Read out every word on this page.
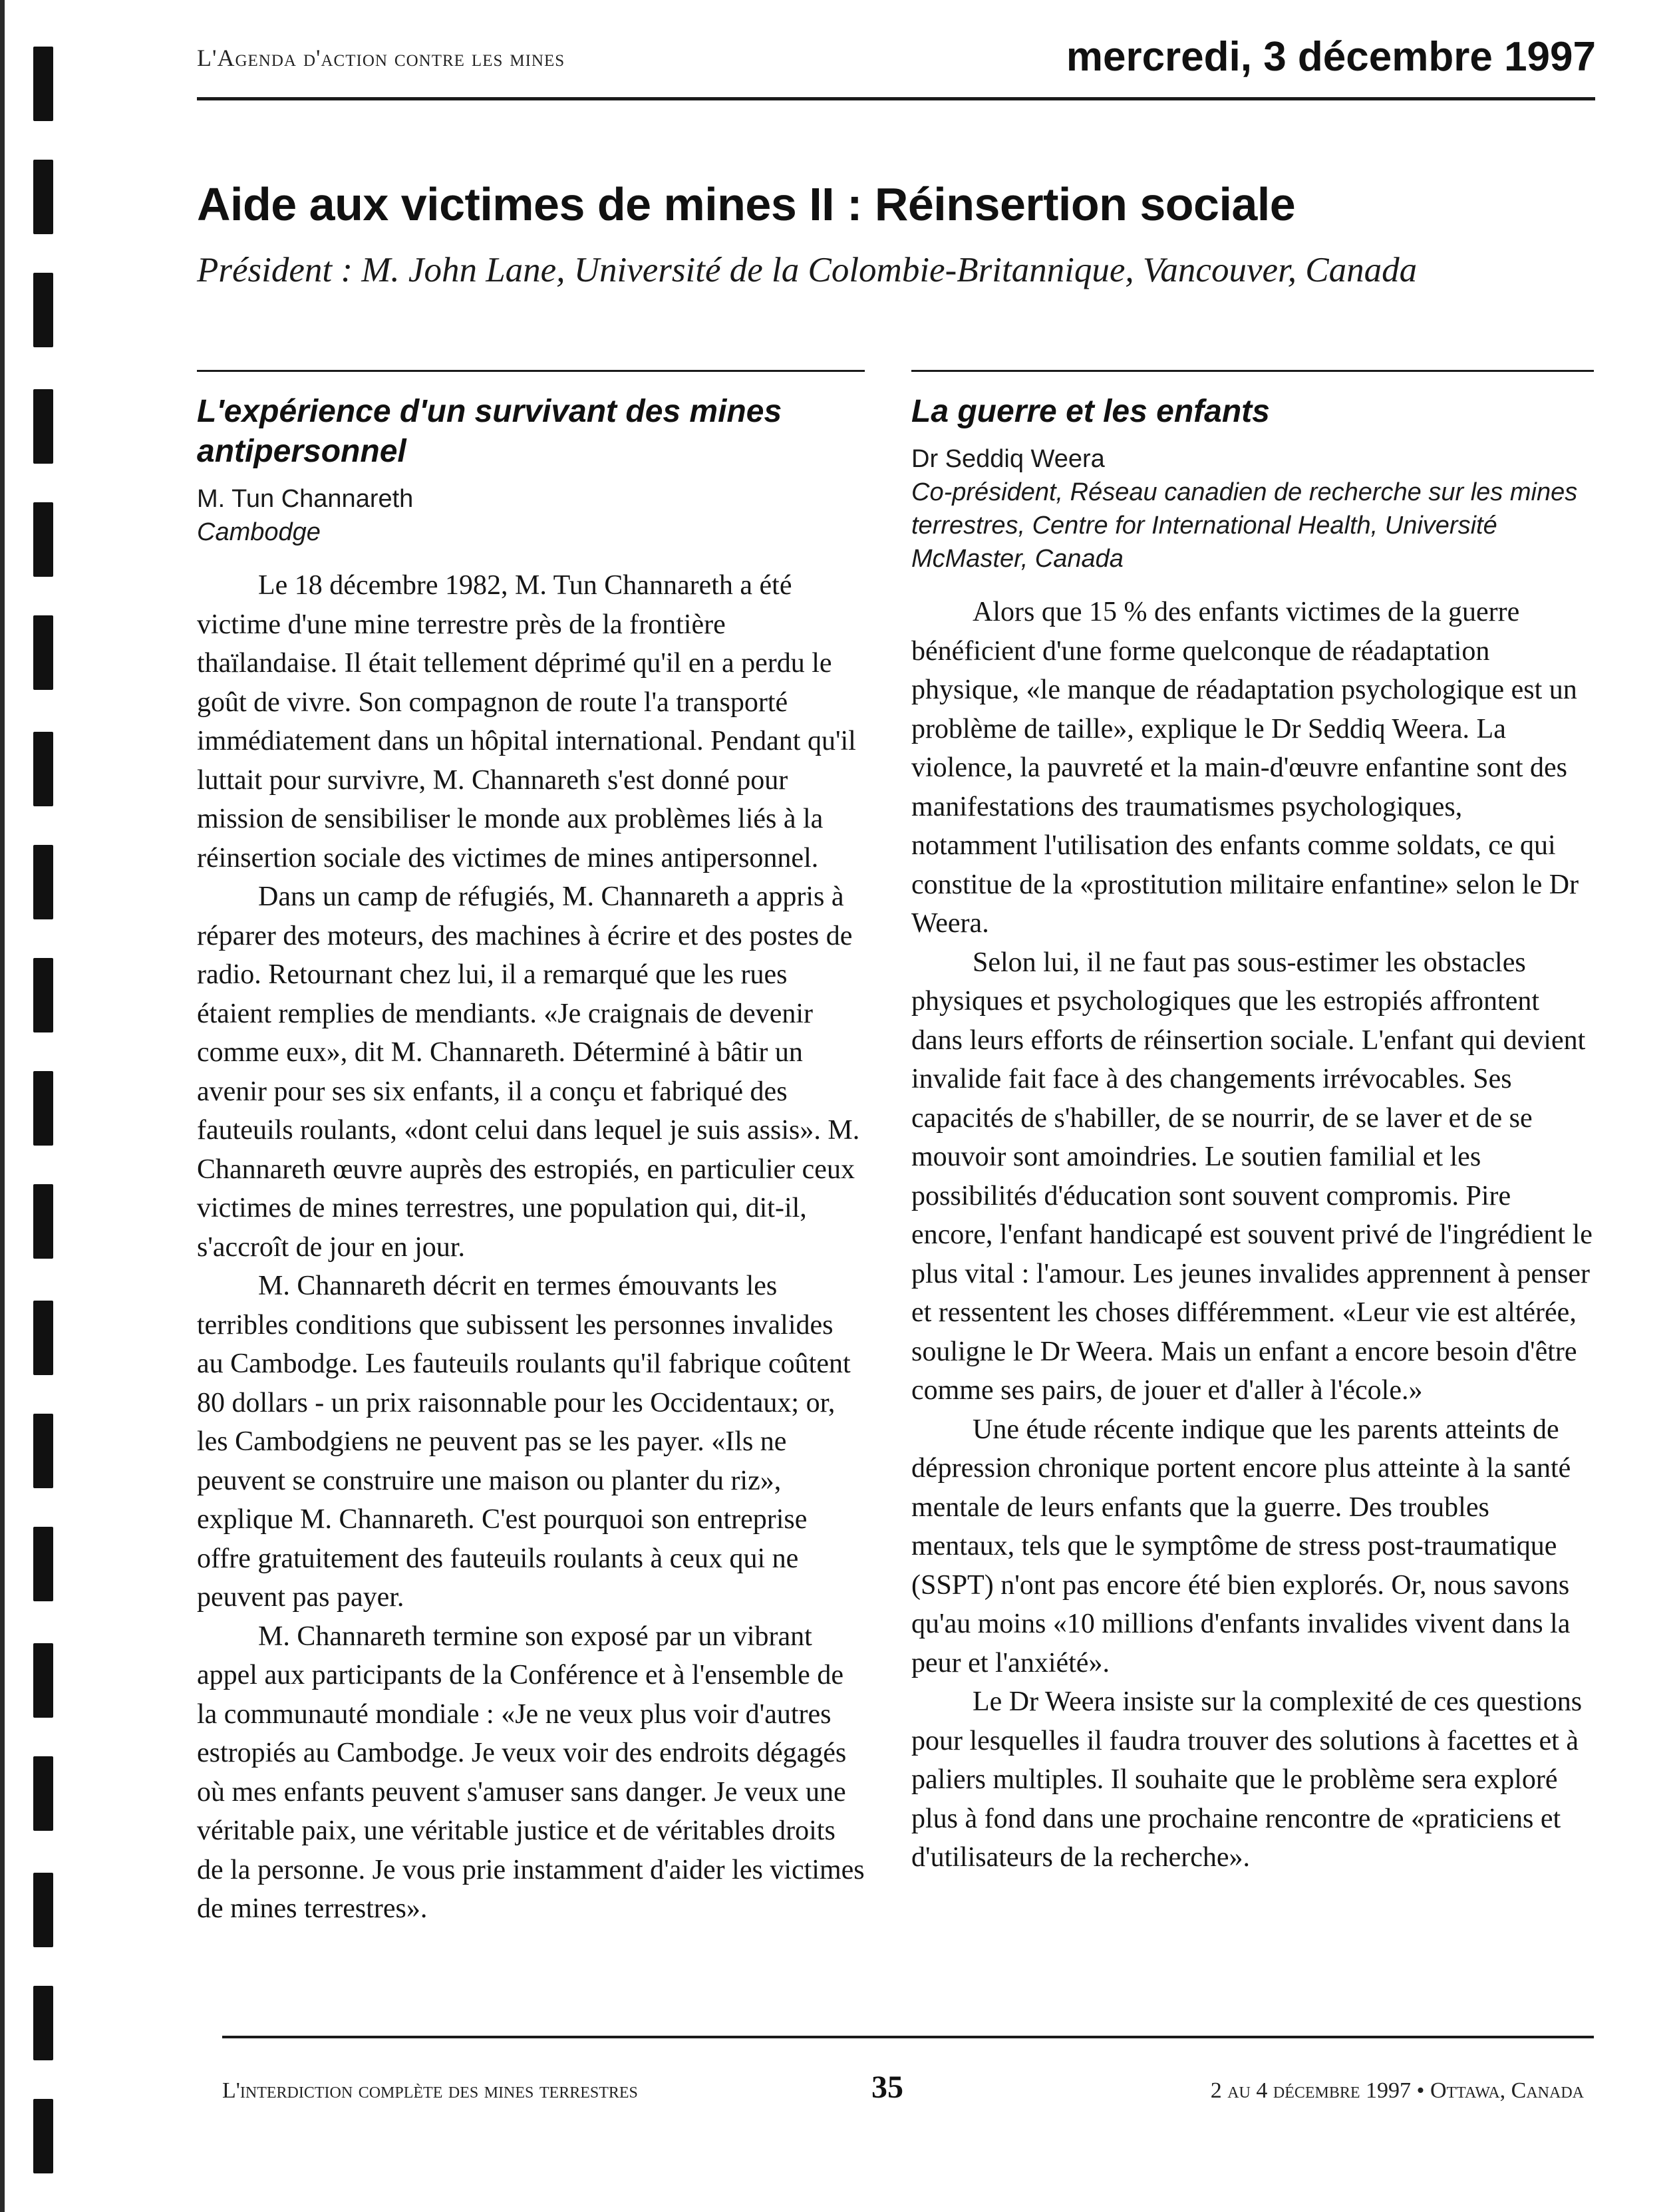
L'Agenda d'action contre les mines	mercredi, 3 décembre 1997
Aide aux victimes de mines II : Réinsertion sociale
Président : M. John Lane, Université de la Colombie-Britannique, Vancouver, Canada
L'expérience d'un survivant des mines antipersonnel
M. Tun Channareth
Cambodge

Le 18 décembre 1982, M. Tun Channareth a été victime d'une mine terrestre près de la frontière thaïlandaise. Il était tellement déprimé qu'il en a perdu le goût de vivre. Son compagnon de route l'a transporté immédiatement dans un hôpital international. Pendant qu'il luttait pour survivre, M. Channareth s'est donné pour mission de sensibiliser le monde aux problèmes liés à la réinsertion sociale des victimes de mines antipersonnel.

Dans un camp de réfugiés, M. Channareth a appris à réparer des moteurs, des machines à écrire et des postes de radio. Retournant chez lui, il a remarqué que les rues étaient remplies de mendiants. «Je craignais de devenir comme eux», dit M. Channareth. Déterminé à bâtir un avenir pour ses six enfants, il a conçu et fabriqué des fauteuils roulants, «dont celui dans lequel je suis assis». M. Channareth œuvre auprès des estropiés, en particulier ceux victimes de mines terrestres, une population qui, dit-il, s'accroît de jour en jour.

M. Channareth décrit en termes émouvants les terribles conditions que subissent les personnes invalides au Cambodge. Les fauteuils roulants qu'il fabrique coûtent 80 dollars - un prix raisonnable pour les Occidentaux; or, les Cambodgiens ne peuvent pas se les payer. «Ils ne peuvent se construire une maison ou planter du riz», explique M. Channareth. C'est pourquoi son entreprise offre gratuitement des fauteuils roulants à ceux qui ne peuvent pas payer.

M. Channareth termine son exposé par un vibrant appel aux participants de la Conférence et à l'ensemble de la communauté mondiale : «Je ne veux plus voir d'autres estropiés au Cambodge. Je veux voir des endroits dégagés où mes enfants peuvent s'amuser sans danger. Je veux une véritable paix, une véritable justice et de véritables droits de la personne. Je vous prie instamment d'aider les victimes de mines terrestres».

La guerre et les enfants
Dr Seddiq Weera
Co-président, Réseau canadien de recherche sur les mines terrestres, Centre for International Health, Université McMaster, Canada

Alors que 15 % des enfants victimes de la guerre bénéficient d'une forme quelconque de réadaptation physique, «le manque de réadaptation psychologique est un problème de taille», explique le Dr Seddiq Weera. La violence, la pauvreté et la main-d'œuvre enfantine sont des manifestations des traumatismes psychologiques, notamment l'utilisation des enfants comme soldats, ce qui constitue de la «prostitution militaire enfantine» selon le Dr Weera.

Selon lui, il ne faut pas sous-estimer les obstacles physiques et psychologiques que les estropiés affrontent dans leurs efforts de réinsertion sociale. L'enfant qui devient invalide fait face à des changements irrévocables. Ses capacités de s'habiller, de se nourrir, de se laver et de se mouvoir sont amoindries. Le soutien familial et les possibilités d'éducation sont souvent compromis. Pire encore, l'enfant handicapé est souvent privé de l'ingrédient le plus vital : l'amour. Les jeunes invalides apprennent à penser et ressentent les choses différemment. «Leur vie est altérée, souligne le Dr Weera. Mais un enfant a encore besoin d'être comme ses pairs, de jouer et d'aller à l'école.»

Une étude récente indique que les parents atteints de dépression chronique portent encore plus atteinte à la santé mentale de leurs enfants que la guerre. Des troubles mentaux, tels que le symptôme de stress post-traumatique (SSPT) n'ont pas encore été bien explorés. Or, nous savons qu'au moins «10 millions d'enfants invalides vivent dans la peur et l'anxiété».

Le Dr Weera insiste sur la complexité de ces questions pour lesquelles il faudra trouver des solutions à facettes et à paliers multiples. Il souhaite que le problème sera exploré plus à fond dans une prochaine rencontre de «praticiens et d'utilisateurs de la recherche».

L'interdiction complète des mines terrestres	35	2 au 4 décembre 1997 • Ottawa, Canada
